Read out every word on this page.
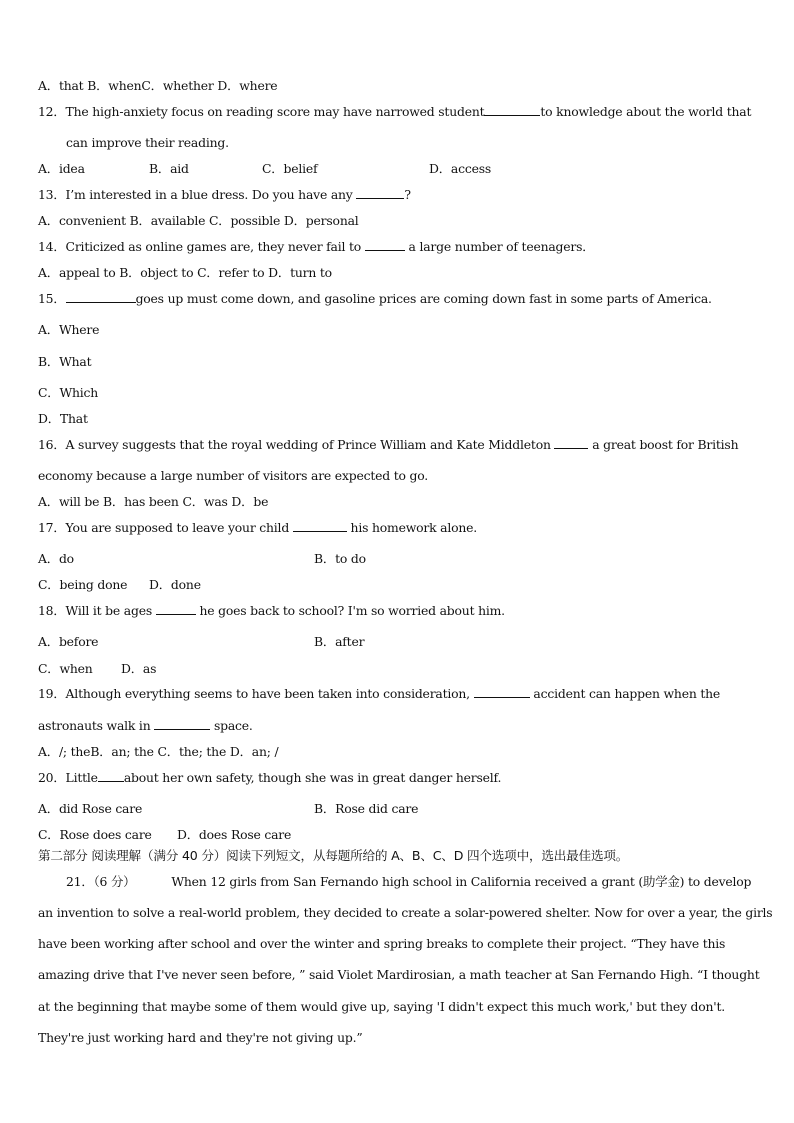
A．that B．whenC．whether D．where
12．The high-anxiety focus on reading score may have narrowed student	to knowledge about the world that
can improve their reading.
A．idea	B．aid	C．belief	D．access
13．I’m interested in a blue dress. Do you have any	?
A．convenient B．available C．possible D．personal
14．Criticized as online games are, they never fail to	a large number of teenagers．
A．appeal to B．object to C．refer to D．turn to
15．	goes up must come down, and gasoline prices are coming down fast in some parts of America.
A．Where
B．What
C．Which
D．That
16．A survey suggests that the royal wedding of Prince William and Kate Middleton	a great boost for British
economy because a large number of visitors are expected to go.
A．will be B．has been C．was D．be
17．You are supposed to leave your child	his homework alone.
A．do	B．to do
C．being done D．done
18．Will it be ages	he goes back to school? I'm so worried about him.
A．before	B．after
C．when D．as
19．Although everything seems to have been taken into consideration,	accident can happen when the
astronauts walk in	space.
A．/; theB．an; the C．the; the D．an; /
20．Little about her own safety, though she was in great danger herself.
A．did Rose care	B．Rose did care
C．Rose does care D．does Rose care
第二部分 阅读理解（满分 40 分）阅读下列短文，从每题所给的 A、B、C、D 四个选项中，选出最佳选项。
21．（6 分）	When 12 girls from San Fernando high school in California received a grant (助学金) to develop
an invention to solve a real-world problem, they decided to create a solar-powered shelter. Now for over a year, the girls
have been working after school and over the winter and spring breaks to complete their project. “They have this
amazing drive that I've never seen before, ” said Violet Mardirosian, a math teacher at San Fernando High. “I thought
at the beginning that maybe some of them would give up, saying 'I didn't expect this much work,' but they don't.
They're just working hard and they're not giving up.”
